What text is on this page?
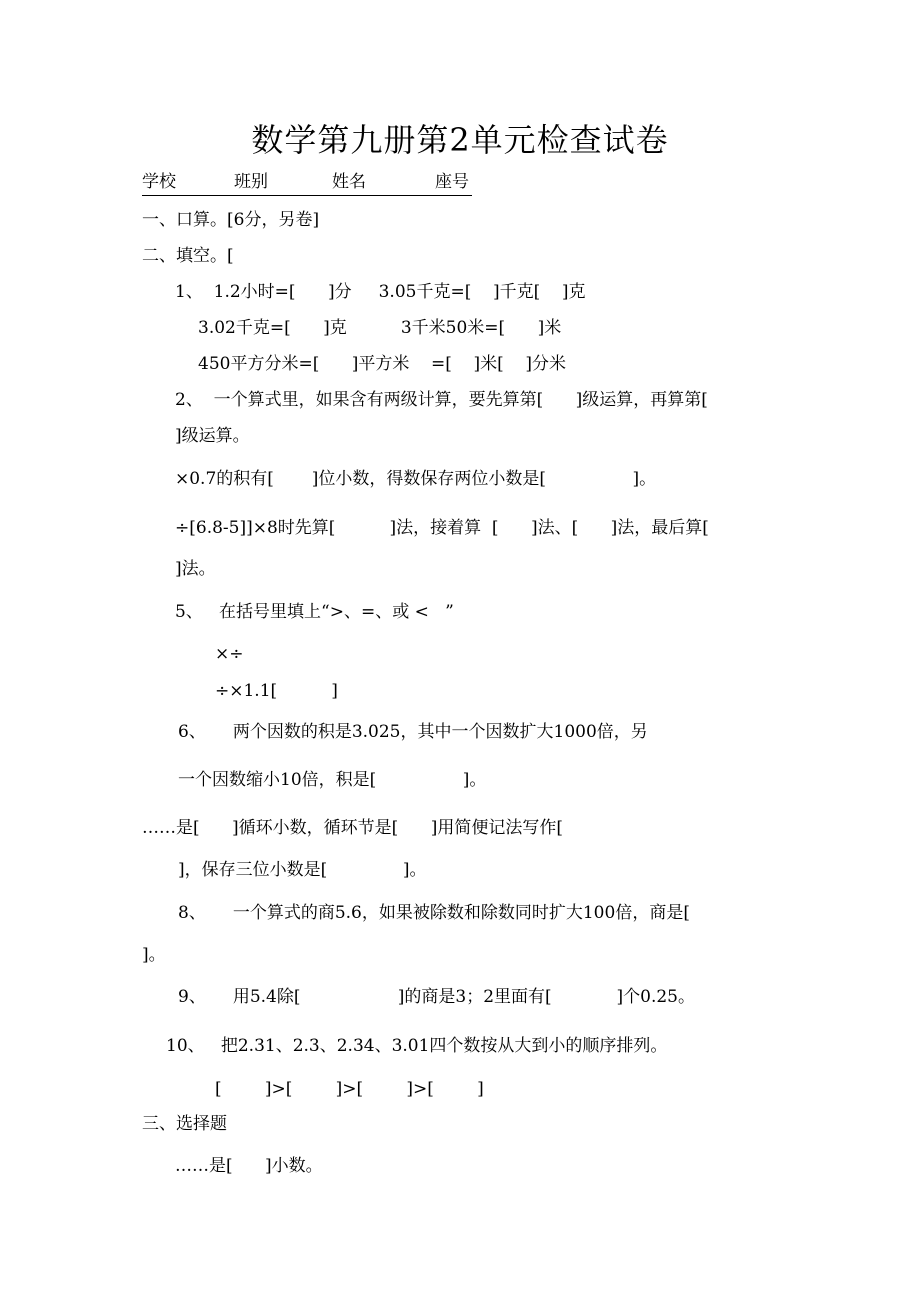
数学第九册第2单元检查试卷
学校	班别	姓名	座号
一、口算。[6分，另卷]
二、填空。[
1、  1.2小时=[      ]分     3.05千克=[    ]千克[    ]克
3.02千克=[      ]克          3千米50米=[      ]米
450平方分米=[      ]平方米    =[    ]米[    ]分米
2、  一个算式里，如果含有两级计算，要先算第[      ]级运算，再算第[
]级运算。
×0.7的积有[       ]位小数，得数保存两位小数是[                ]。
÷[6.8-5]]×8时先算[          ]法，接着算  [      ]法、[      ]法，最后算[
]法。
5、   在括号里填上“>、=、或 <   ”
×÷
÷×1.1[          ]
6、     两个因数的积是3.025，其中一个因数扩大1000倍，另
一个因数缩小10倍，积是[                ]。
……是[      ]循环小数，循环节是[      ]用简便记法写作[
]，保存三位小数是[              ]。
8、     一个算式的商5.6，如果被除数和除数同时扩大100倍，商是[
]。
9、     用5.4除[                  ]的商是3；2里面有[            ]个0.25。
10、   把2.31、2.3、2.34、3.01四个数按从大到小的顺序排列。
[        ]>[        ]>[        ]>[        ]
三、选择题
……是[      ]小数。
